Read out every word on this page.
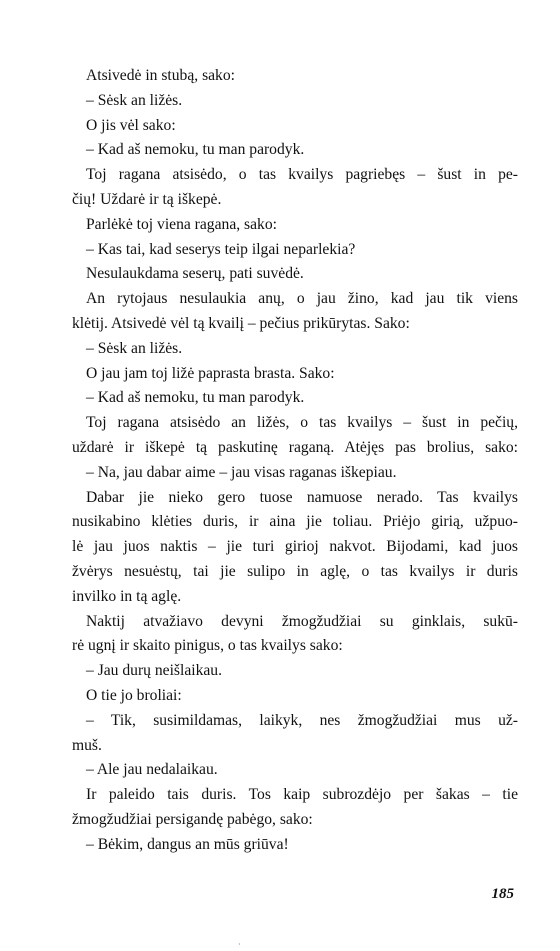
Atsivedė in stubą, sako:
– Sėsk an ližės.
O jis vėl sako:
– Kad aš nemoku, tu man parodyk.
Toj ragana atsisėdo, o tas kvailys pagriebęs – šust in pe-
čių! Uždarė ir tą iškepė.
Parlėkė toj viena ragana, sako:
– Kas tai, kad seserys teip ilgai neparlekia?
Nesulaukdama seserų, pati suvėdė.
An rytojaus nesulaukia anų, o jau žino, kad jau tik viens
klėtij. Atsivedė vėl tą kvailį – pečius prikūrytas. Sako:
– Sėsk an ližės.
O jau jam toj ližė paprasta brasta. Sako:
– Kad aš nemoku, tu man parodyk.
Toj ragana atsisėdo an ližės, o tas kvailys – šust in pečių,
uždarė ir iškepė tą paskutinę raganą. Atėjęs pas brolius, sako:
– Na, jau dabar aime – jau visas raganas iškepiau.
Dabar jie nieko gero tuose namuose nerado. Tas kvailys
nusikabino klėties duris, ir aina jie toliau. Priėjo girią, užpuo-
lė jau juos naktis – jie turi girioj nakvot. Bijodami, kad juos
žvėrys nesuėstų, tai jie sulipo in aglę, o tas kvailys ir duris
invilko in tą aglę.
Naktij atvažiavo devyni žmogžudžiai su ginklais, sukū-
rė ugnį ir skaito pinigus, o tas kvailys sako:
– Jau durų neišlaikau.
O tie jo broliai:
– Tik, susimildamas, laikyk, nes žmogžudžiai mus už-
muš.
– Ale jau nedalaikau.
Ir paleido tais duris. Tos kaip subrozdėjo per šakas – tie
žmogžudžiai persigandę pabėgo, sako:
– Bėkim, dangus an mūs griūva!
185
·
